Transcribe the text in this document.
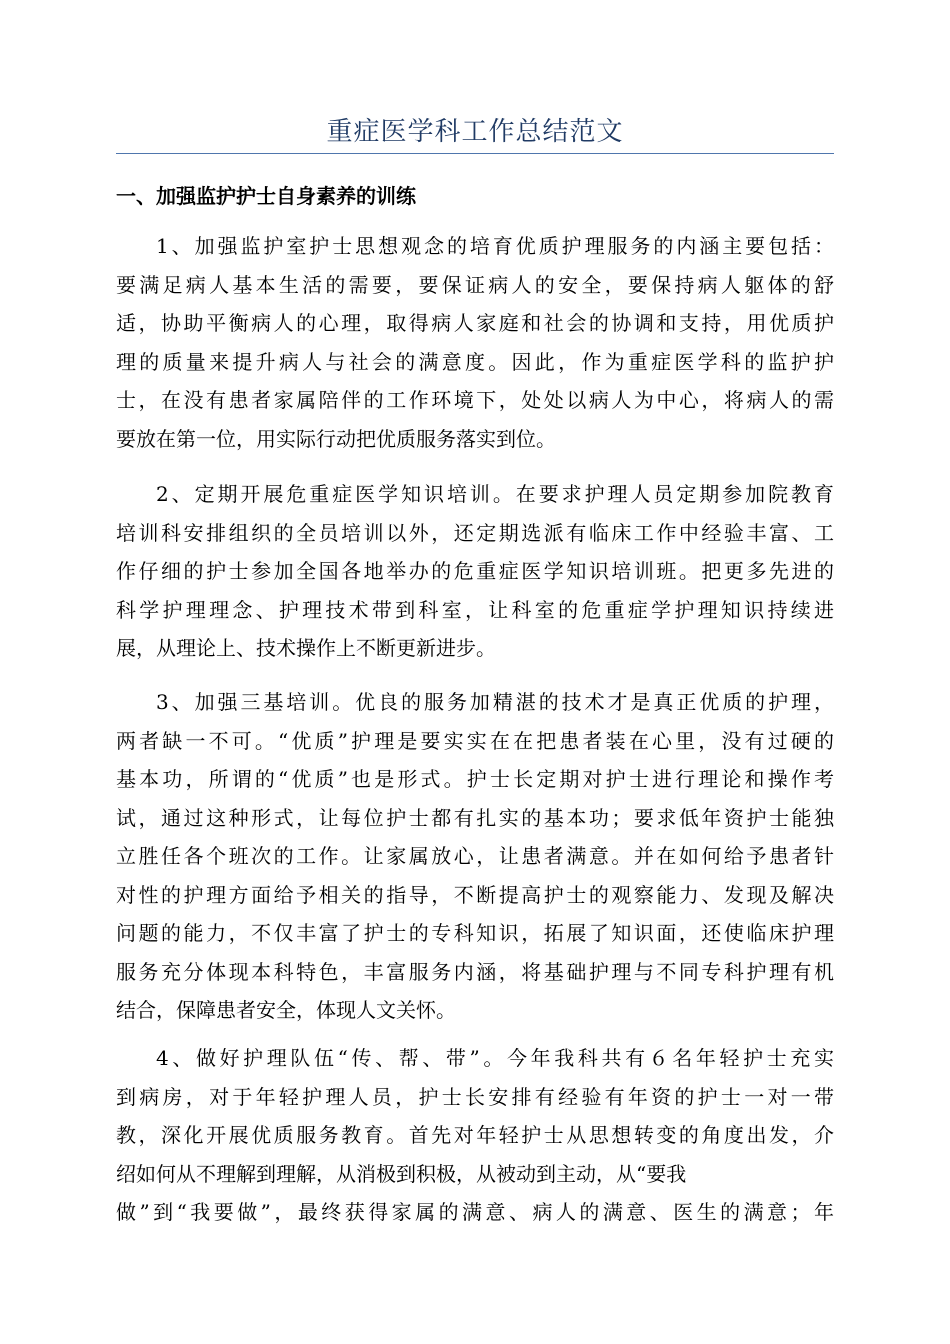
重症医学科工作总结范文
一、加强监护护士自身素养的训练
1、加强监护室护士思想观念的培育优质护理服务的内涵主要包括：
要满足病人基本生活的需要，要保证病人的安全，要保持病人躯体的舒
适，协助平衡病人的心理，取得病人家庭和社会的协调和支持，用优质护
理的质量来提升病人与社会的满意度。因此，作为重症医学科的监护护
士，在没有患者家属陪伴的工作环境下，处处以病人为中心，将病人的需
要放在第一位，用实际行动把优质服务落实到位。
2、定期开展危重症医学知识培训。在要求护理人员定期参加院教育
培训科安排组织的全员培训以外，还定期选派有临床工作中经验丰富、工
作仔细的护士参加全国各地举办的危重症医学知识培训班。把更多先进的
科学护理理念、护理技术带到科室，让科室的危重症学护理知识持续进
展，从理论上、技术操作上不断更新进步。
3、加强三基培训。优良的服务加精湛的技术才是真正优质的护理，
两者缺一不可。“优质”护理是要实实在在把患者装在心里，没有过硬的
基本功，所谓的“优质”也是形式。护士长定期对护士进行理论和操作考
试，通过这种形式，让每位护士都有扎实的基本功；要求低年资护士能独
立胜任各个班次的工作。让家属放心，让患者满意。并在如何给予患者针
对性的护理方面给予相关的指导，不断提高护士的观察能力、发现及解决
问题的能力，不仅丰富了护士的专科知识，拓展了知识面，还使临床护理
服务充分体现本科特色，丰富服务内涵，将基础护理与不同专科护理有机
结合，保障患者安全，体现人文关怀。
4、做好护理队伍“传、帮、带”。今年我科共有６名年轻护士充实
到病房，对于年轻护理人员，护士长安排有经验有年资的护士一对一带
教，深化开展优质服务教育。首先对年轻护士从思想转变的角度出发，介
绍如何从不理解到理解，从消极到积极，从被动到主动，从“要我
做”到“我要做”，最终获得家属的满意、病人的满意、医生的满意；年
